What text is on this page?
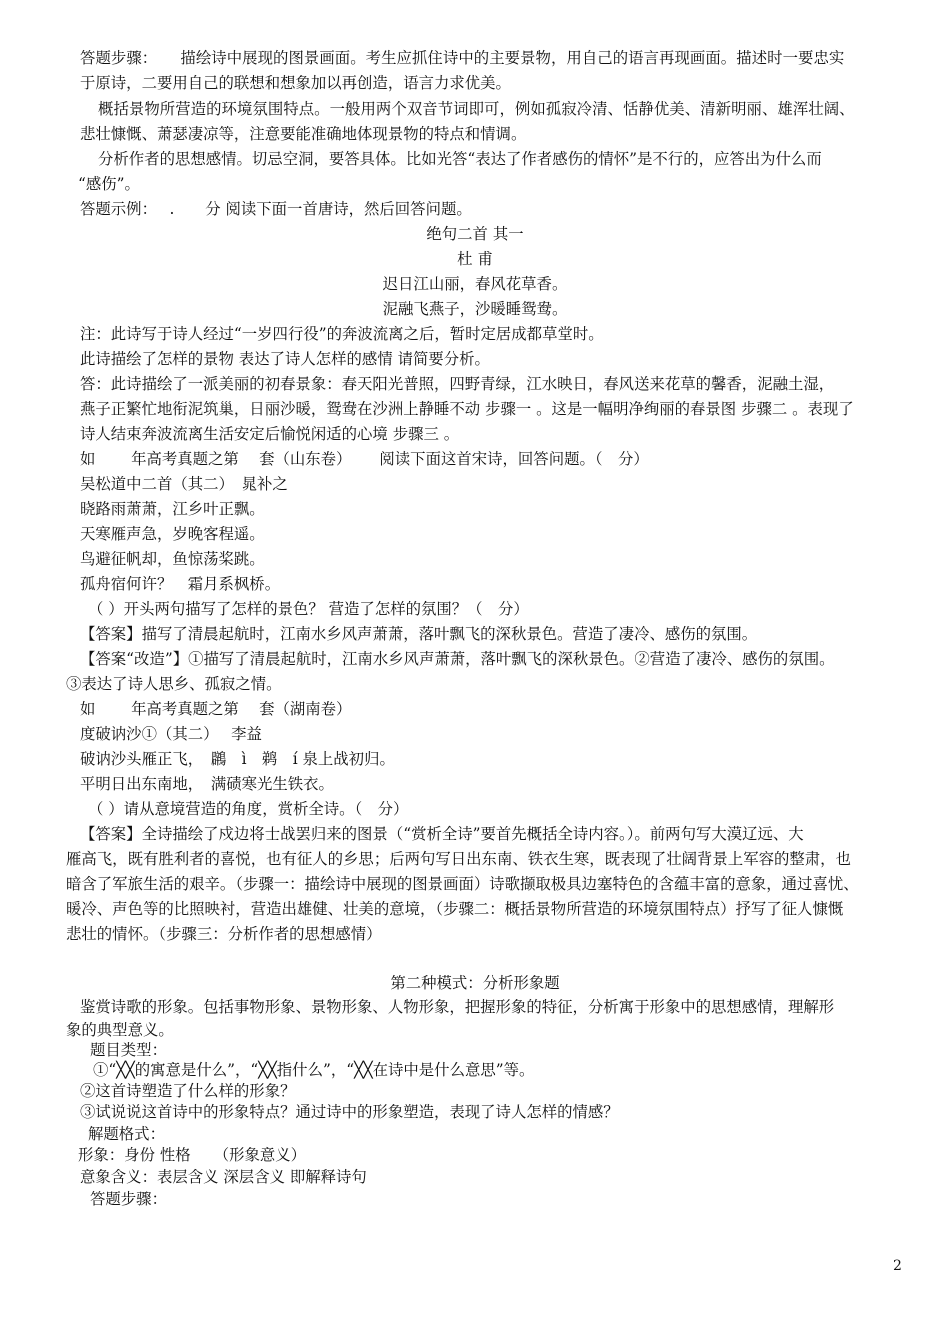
答题步骤：　　描绘诗中展现的图景画面。考生应抓住诗中的主要景物，用自己的语言再现画面。描述时一要忠实
于原诗，二要用自己的联想和想象加以再创造，语言力求优美。
概括景物所营造的环境氛围特点。一般用两个双音节词即可，例如孤寂冷清、恬静优美、清新明丽、雄浑壮阔、
悲壮慷慨、萧瑟凄凉等，注意要能准确地体现景物的特点和情调。
分析作者的思想感情。切忌空洞，要答具体。比如光答“表达了作者感伤的情怀”是不行的，应答出为什么而
“感伤”。
答题示例：　 .　　分 阅读下面一首唐诗，然后回答问题。
绝句二首 其一
杜 甫
迟日江山丽，春风花草香。
泥融飞燕子，沙暖睡鸳鸯。
注：此诗写于诗人经过“一岁四行役”的奔波流离之后，暂时定居成都草堂时。
此诗描绘了怎样的景物 表达了诗人怎样的感情 请简要分析。
答：此诗描绘了一派美丽的初春景象：春天阳光普照，四野青绿，江水映日，春风送来花草的馨香，泥融土湿，
燕子正繁忙地衔泥筑巢，日丽沙暖，鸳鸯在沙洲上静睡不动 步骤一 。这是一幅明净绚丽的春景图 步骤二 。表现了
诗人结束奔波流离生活安定后愉悦闲适的心境 步骤三 。
如　　 年高考真题之第　 套（山东卷）　　 阅读下面这首宋诗，回答问题。（　分）
吴松道中二首（其二）　晁补之
晓路雨萧萧，江乡叶正飘。
天寒雁声急，岁晚客程遥。
鸟避征帆却，鱼惊荡桨跳。
孤舟宿何许？　霜月系枫桥。
（ ）开头两句描写了怎样的景色？ 营造了怎样的氛围？（　分）
【答案】描写了清晨起航时，江南水乡风声萧萧，落叶飘飞的深秋景色。营造了凄冷、感伤的氛围。
【答案“改造”】①描写了清晨起航时，江南水乡风声萧萧，落叶飘飞的深秋景色。②营造了凄冷、感伤的氛围。
③表达了诗人思乡、孤寂之情。
如　　 年高考真题之第　 套（湖南卷）
度破讷沙①（其二）　 李益
破讷沙头雁正飞，　鸊　ì　鹈　í 泉上战初归。
平明日出东南地，　满碛寒光生铁衣。
（ ）请从意境营造的角度，赏析全诗。（　分）
【答案】全诗描绘了戍边将士战罢归来的图景（“赏析全诗”要首先概括全诗内容。）。前两句写大漠辽远、大
雁高飞，既有胜利者的喜悦，也有征人的乡思；后两句写日出东南、铁衣生寒，既表现了壮阔背景上军容的整肃，也
暗含了军旅生活的艰辛。（步骤一：描绘诗中展现的图景画面）诗歌撷取极具边塞特色的含蕴丰富的意象，通过喜忧、
暖冷、声色等的比照映衬，营造出雄健、壮美的意境，（步骤二：概括景物所营造的环境氛围特点）抒写了征人慷慨
悲壮的情怀。（步骤三：分析作者的思想感情）
第二种模式：分析形象题
鉴赏诗歌的形象。包括事物形象、景物形象、人物形象，把握形象的特征，分析寓于形象中的思想感情，理解形
象的典型意义。
题目类型：
①“╳╳的寓意是什么”，“╳╳指什么”，“╳╳在诗中是什么意思”等。
②这首诗塑造了什么样的形象？
③试说说这首诗中的形象特点？通过诗中的形象塑造，表现了诗人怎样的情感？
解题格式：
形象：身份 性格　　（形象意义）
意象含义：表层含义 深层含义 即解释诗句
答题步骤：
2
